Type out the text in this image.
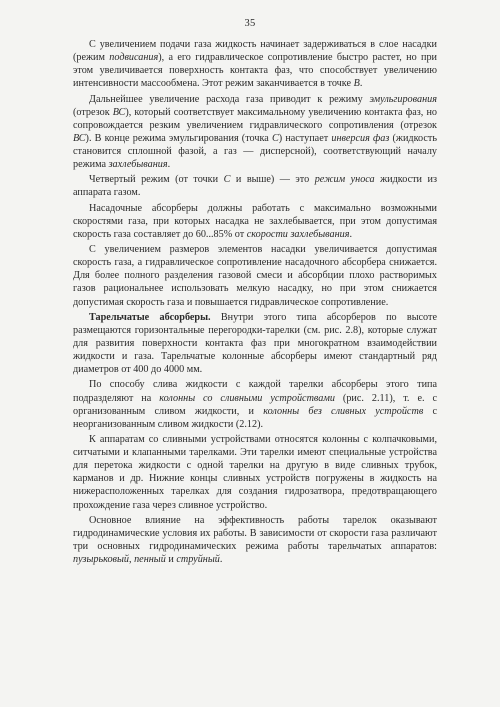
35

С увеличением подачи газа жидкость начинает задерживаться в слое насадки (режим подвисания), а его гидравлическое сопротивление быстро растет, но при этом увеличивается поверхность контакта фаз, что способствует увеличению интенсивности массообмена. Этот режим заканчивается в точке В.

Дальнейшее увеличение расхода газа приводит к режиму эмульгирования (отрезок ВС), который соответствует максимальному увеличению контакта фаз, но сопровождается резким увеличением гидравлического сопротивления (отрезок ВС). В конце режима эмульгирования (точка С) наступает инверсия фаз (жидкость становится сплошной фазой, а газ — дисперсной), соответствующий началу режима захлебывания.

Четвертый режим (от точки С и выше) — это режим уноса жидкости из аппарата газом.

Насадочные абсорберы должны работать с максимально возможными скоростями газа, при которых насадка не захлебывается, при этом допустимая скорость газа составляет до 60...85% от скорости захлебывания.

С увеличением размеров элементов насадки увеличивается допустимая скорость газа, а гидравлическое сопротивление насадочного абсорбера снижается. Для более полного разделения газовой смеси и абсорбции плохо растворимых газов рациональнее использовать мелкую насадку, но при этом снижается допустимая скорость газа и повышается гидравлическое сопротивление.

Тарельчатые абсорберы. Внутри этого типа абсорберов по высоте размещаются горизонтальные перегородки-тарелки (см. рис. 2.8), которые служат для развития поверхности контакта фаз при многократном взаимодействии жидкости и газа. Тарельчатые колонные абсорберы имеют стандартный ряд диаметров от 400 до 4000 мм.

По способу слива жидкости с каждой тарелки абсорберы этого типа подразделяют на колонны со сливными устройствами (рис. 2.11), т. е. с организованным сливом жидкости, и колонны без сливных устройств с неорганизованным сливом жидкости (2.12).

К аппаратам со сливными устройствами относятся колонны с колпачковыми, ситчатыми и клапанными тарелками. Эти тарелки имеют специальные устройства для перетока жидкости с одной тарелки на другую в виде сливных трубок, карманов и др. Нижние концы сливных устройств погружены в жидкость на нижерасположенных тарелках для создания гидрозатвора, предотвращающего прохождение газа через сливное устройство.

Основное влияние на эффективность работы тарелок оказывают гидродинамические условия их работы. В зависимости от скорости газа различают три основных гидродинамических режима работы тарельчатых аппаратов: пузырьковый, пенный и струйный.
